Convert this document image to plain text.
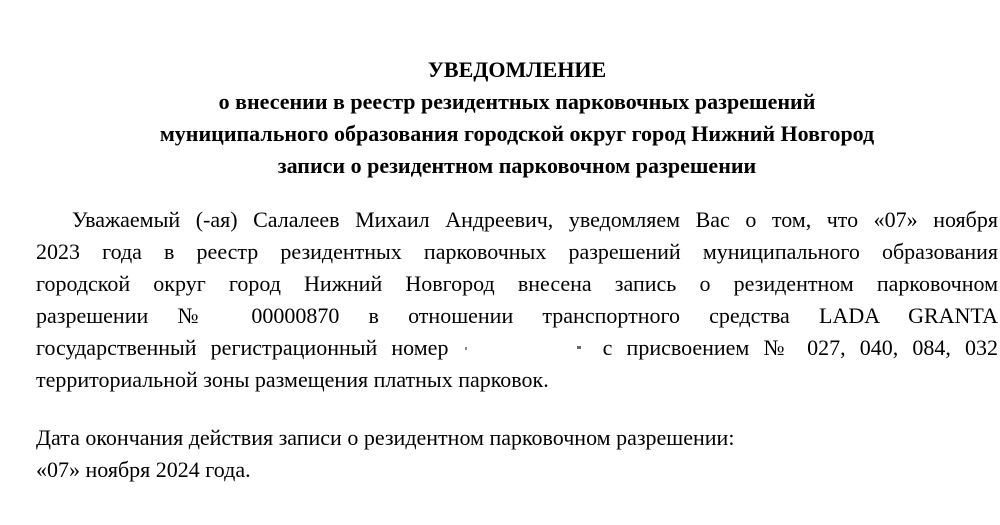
УВЕДОМЛЕНИЕ
о внесении в реестр резидентных парковочных разрешений
муниципального образования городской округ город Нижний Новгород
записи о резидентном парковочном разрешении
Уважаемый (-ая) Салалеев Михаил Андреевич, уведомляем Вас о том, что «07» ноября
2023 года в реестр резидентных парковочных разрешений муниципального образования
городской округ город Нижний Новгород внесена запись о резидентном парковочном
разрешении № 00000870 в отношении транспортного средства LADA GRANTA
государственный регистрационный номер	с присвоением № 027, 040, 084, 032
территориальной зоны размещения платных парковок.
Дата окончания действия записи о резидентном парковочном разрешении:
«07» ноября 2024 года.
